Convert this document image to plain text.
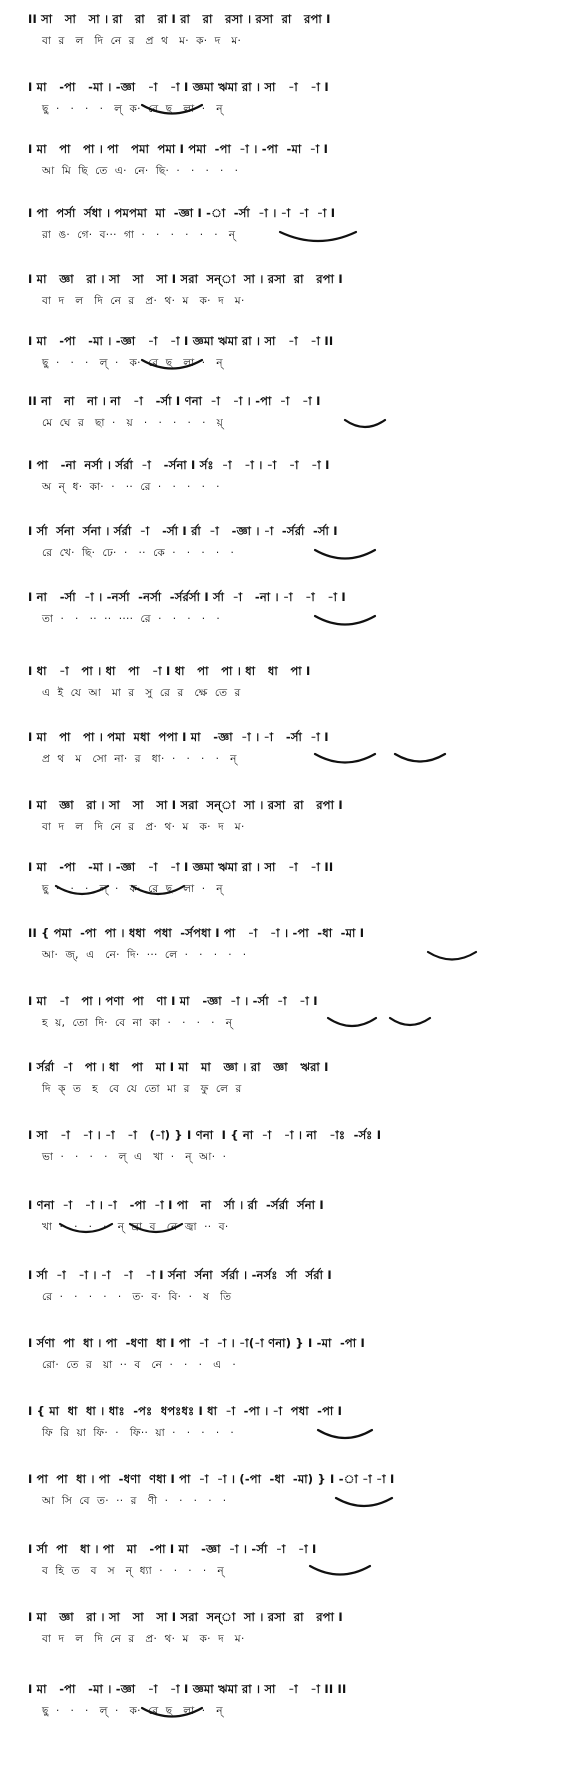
II সা   সা   সা । রা   রা   রা I রা   রা   রসা । রসা  রা   রপা I
বা  র   ল   দি  নে  র   প্র  থ   ম·  ক·  দ   ম·
I মা   -পা   -মা । -জ্ঞা   -া   -া I জ্ঞমা ঋমা রা । সা   -া   -া I
ছু  ·   ·   ·   ·   ল্  ক·  রে  ছ   লা  ·   ন্
I মা   পা   পা । পা   পমা  পমা I পমা  -পা  -া । -পা  -মা  -া I
আ  মি  ছি  তে  এ·  নে·  ছি·  ·   ·   ·   ·   ·
I পা  পর্সা  র্সধা । পমপমা  মা  -জ্ঞা I -া  -র্সা  -া । -া  -া  -া I
রা  ঙ·  গে·  ব···  গা  ·   ·   ·   ·   ·   ·   ন্
I মা   জ্ঞা   রা । সা   সা   সা I সরা  সন্া  সা । রসা  রা   রপা I
বা  দ   ল   দি  নে  র   প্র·  থ·  ম   ক·  দ   ম·
I মা   -পা   -মা । -জ্ঞা   -া   -া I জ্ঞমা ঋমা রা । সা   -া   -া II
ছু  ·   ·   ·   ল্  ·   ক·  রে  ছ   লা  ·   ন্
II না   না   না । না   -া   -র্সা I ণনা  -া   -া । -পা  -া   -া I
মে  ঘে  র   ছা  ·   য়   ·   ·   ·   ·   ·   য়্
I পা   -না  নর্সা । র্সর্রা  -া   -র্সনা I র্সঃ  -া   -া । -া   -া   -া I
অ  ন্  ধ·  কা·  ·   ··  রে  ·   ·   ·   ·   ·
I র্সা  র্সনা  র্সনা । র্সর্রা  -া   -র্সা I র্রা  -া   -জ্ঞা । -া  -র্সর্রা  -র্সা I
রে  খে·  ছি·  ঢে·  ·   ··  কে  ·   ·   ·   ·   ·
I না   -র্সা  -া । -নর্সা  -নর্সা  -র্সর্রর্সা I র্সা  -া   -না । -া   -া   -া I
তা  ·   ·   ··  ··  ····  রে  ·   ·   ·   ·   ·
I ধা   -া   পা । ধা   পা   -া I ধা   পা   পা । ধা   ধা   পা I
এ  ই  যে  আ   মা  র   সু  রে  র   ক্ষে  তে  র
I মা   পা   পা । পমা  মধা  পপা I মা   -জ্ঞা  -া । -া   -র্সা  -া I
প্র  থ   ম   সো  না·  র   ধা·  ·   ·   ·   ·   ন্
I মা   জ্ঞা   রা । সা   সা   সা I সরা  সন্া  সা । রসা  রা   রপা I
বা  দ   ল   দি  নে  র   প্র·  থ·  ম   ক·  দ   ম·
I মা   -পা   -মা । -জ্ঞা   -া   -া I জ্ঞমা ঋমা রা । সা   -া   -া II
ছু  ·   ·   ·   ল্  ·   ক·  রে  ছ   লা  ·   ন্
II { পমা  -পা  পা । ধধা  পধা  -র্সপধা I পা   -া   -া । -পা  -ধা  -মা I
আ·  জ্,  এ   নে·  দি·  ···  লে  ·   ·   ·   ·   ·
I মা   -া   পা । পণা  পা   ণা I মা   -জ্ঞা  -া । -র্সা  -া   -া I
হ  য়,  তো  দি·  বে  না  কা  ·   ·   ·   ·   ন্
I র্সর্রা  -া   পা । ধা   পা   মা I মা   মা   জ্ঞা । রা   জ্ঞা   ঋরা I
দি  ক্  ত   হ   বে  যে  তো  মা  র   ফু  লে  র
I সা   -া   -া । -া   -া   (-া) } I ণনা  I { না  -া   -া । না   -াঃ  -র্সঃ I
ভা  ·   ·   ·   ·   ল্  এ   খা  ·   ন্  আ·  ·
I ণনা  -া   -া । -া   -পা  -া I পা   না   র্সা । র্রা  -র্সর্রা  র্সনা I
খা  ·   ·   ·   ·   ন্  ব্রা  ব   নে  জ্বা  ··  ব·
I র্সা  -া   -া । -া   -া   -া I র্সনা  র্সনা  র্সর্রা । -নর্সঃ  র্সা  র্সর্রা I
রে  ·   ·   ·   ·   ·   ত·  ব·  বি·  ·   ষ   তি
I র্সণা  পা  ধা । পা  -ধণা  ধা I পা  -া  -া । -া(-া ণনা) } I -মা  -পা I
রো·  তে  র   য়া  ··  ব   নে  ·   ·   ·   এ   ·
I { মা  ধা  ধা । ধাঃ  -পঃ  ধপঃধঃ I ধা  -া  -পা । -া  পধা  -পা I
ফি  রি  য়া  ফি·  ·   ফি··  য়া  ·   ·   ·   ·   ·
I পা  পা  ধা । পা  -ধণা  ণধা I পা  -া  -া । (-পা  -ধা  -মা) } I -া -া -া I
আ  সি  বে  ত·  ··  র   ণী  ·   ·   ·   ·   ·
I র্সা  পা   ধা । পা   মা   -পা I মা   -জ্ঞা  -া । -র্সা  -া   -া I
ব  হি  ত   ব   স   ন্  ধ্যা  ·   ·   ·   ·   ন্
I মা   জ্ঞা   রা । সা   সা   সা I সরা  সন্া  সা । রসা  রা   রপা I
বা  দ   ল   দি  নে  র   প্র·  থ·  ম   ক·  দ   ম·
I মা   -পা   -মা । -জ্ঞা   -া   -া I জ্ঞমা ঋমা রা । সা   -া   -া II II
ছু  ·   ·   ·   ল্  ·   ক·  রে  ছ   লা  ·   ন্
